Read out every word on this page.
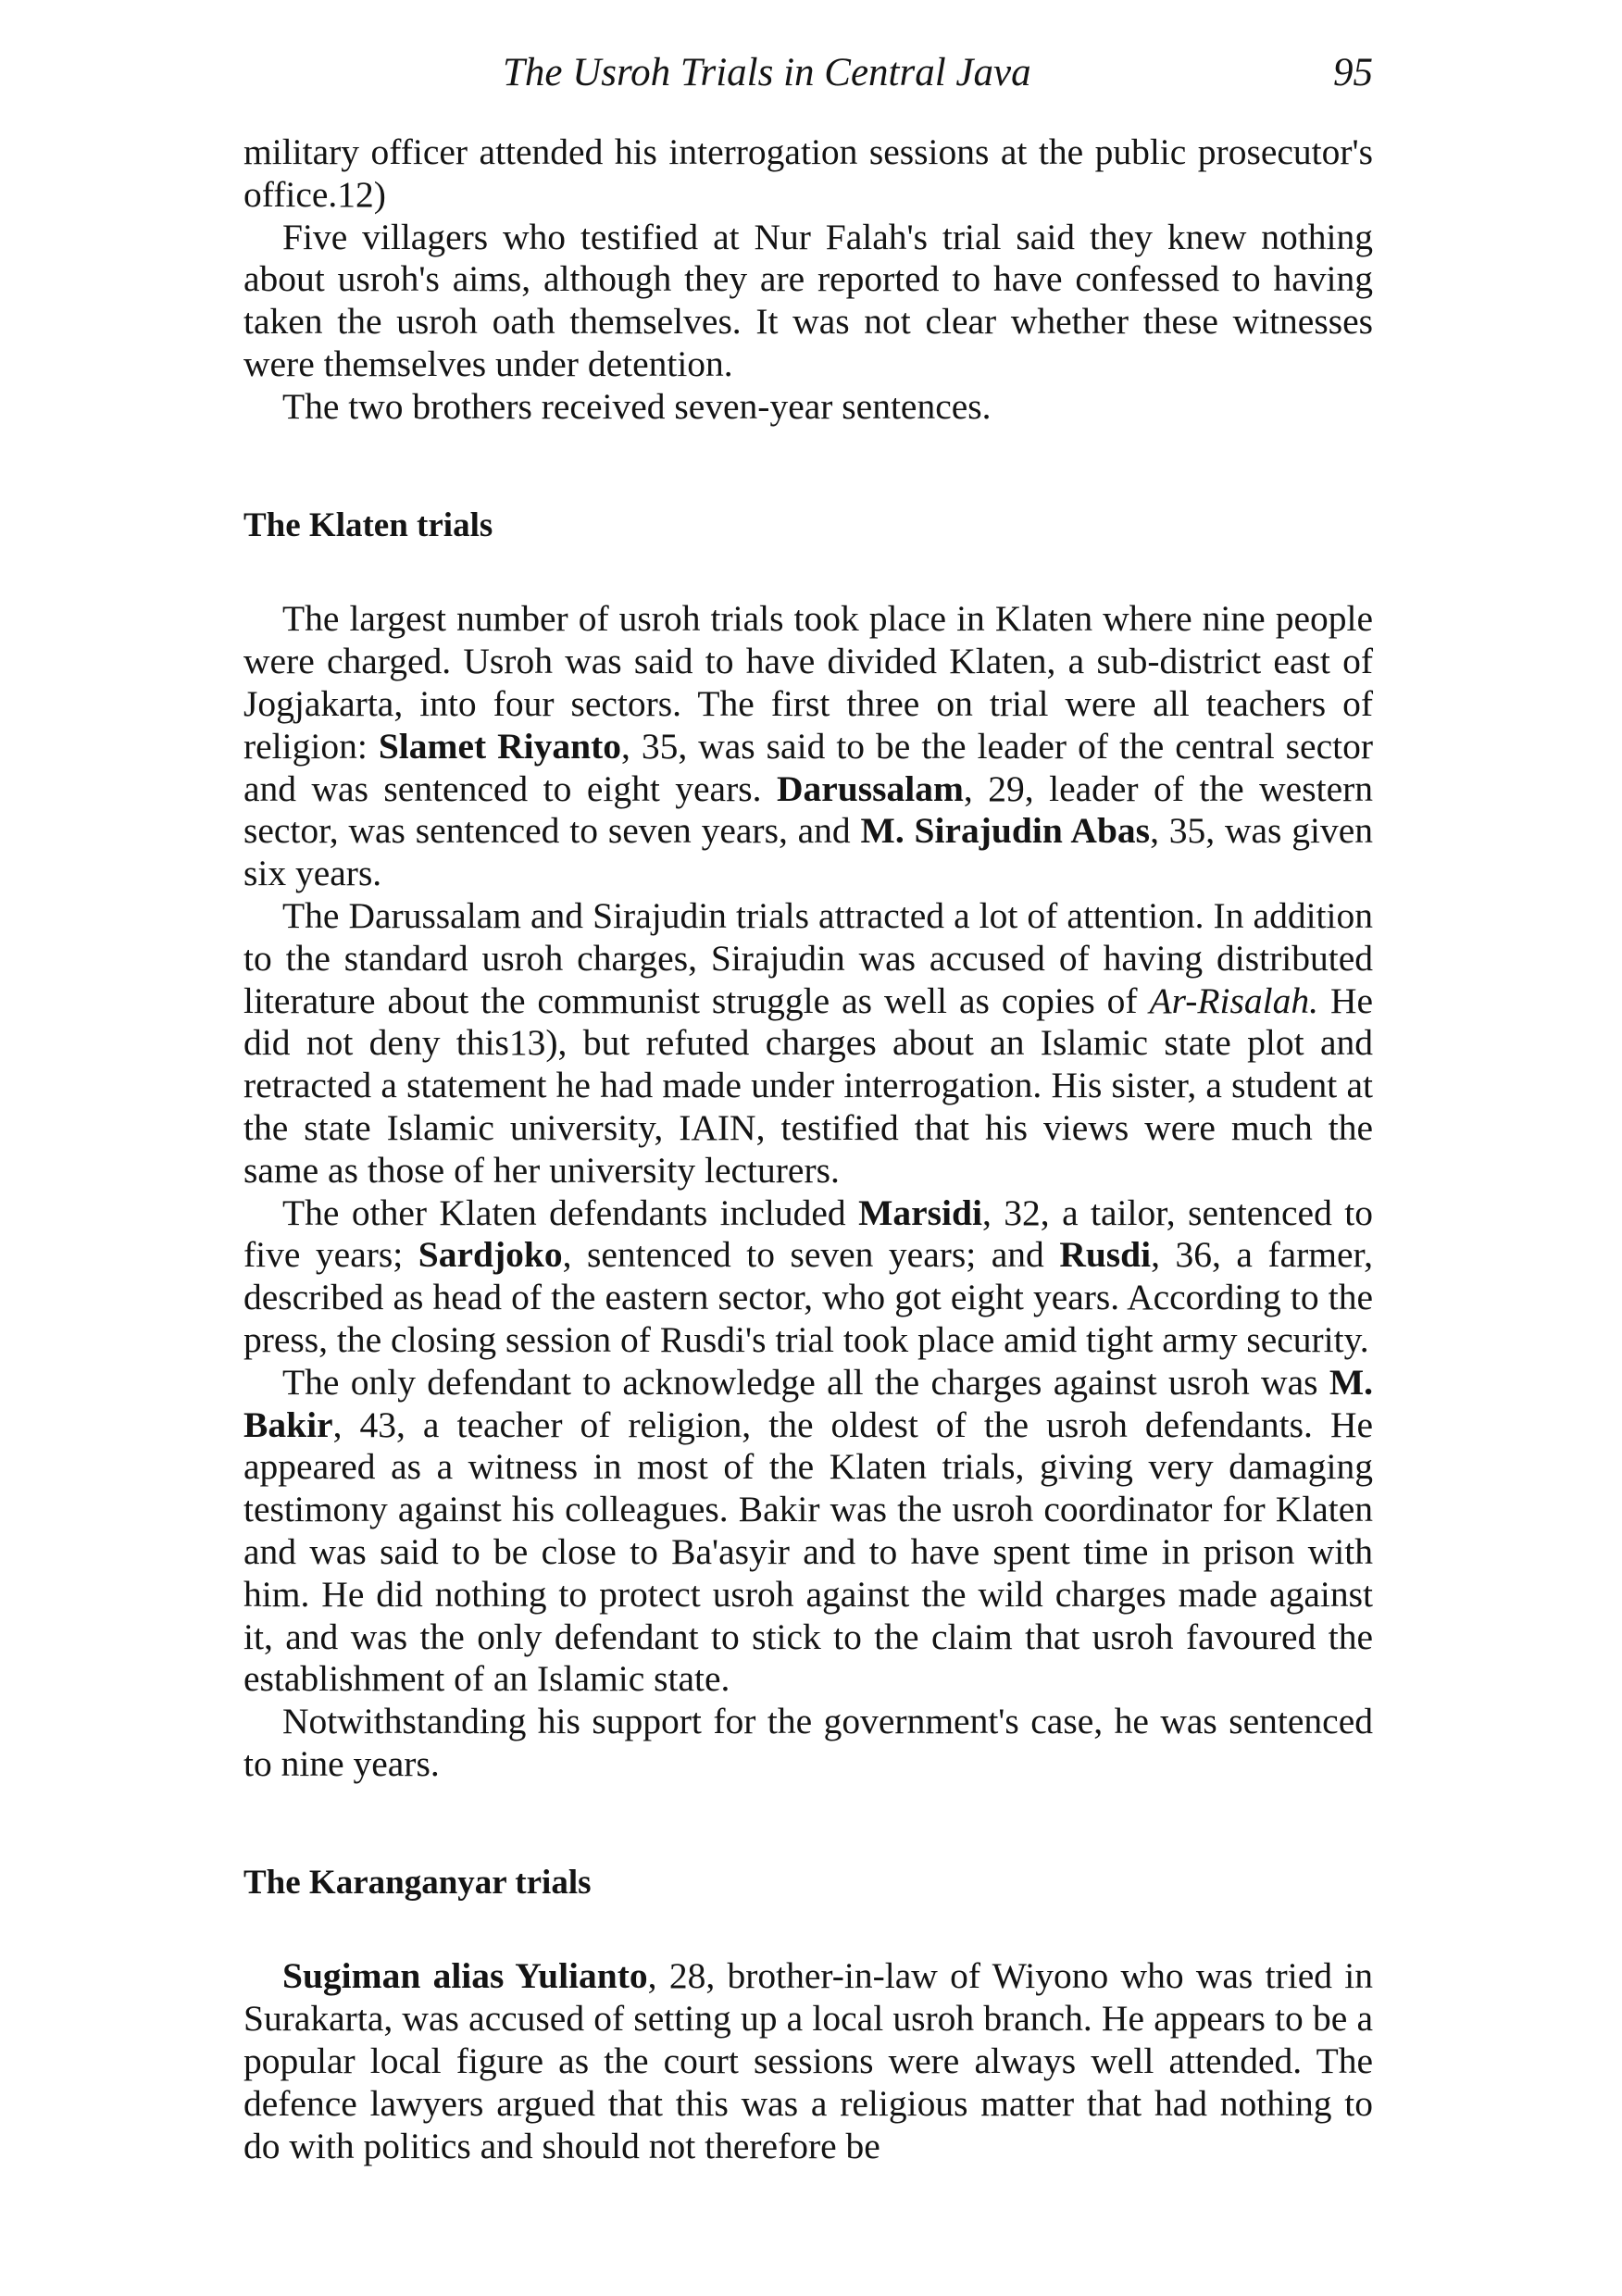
The Usroh Trials in Central Java	95

military officer attended his interrogation sessions at the public prosecutor's office.12)

Five villagers who testified at Nur Falah's trial said they knew nothing about usroh's aims, although they are reported to have confessed to having taken the usroh oath themselves. It was not clear whether these witnesses were themselves under detention.

The two brothers received seven-year sentences.

The Klaten trials

The largest number of usroh trials took place in Klaten where nine people were charged. Usroh was said to have divided Klaten, a sub-district east of Jogjakarta, into four sectors. The first three on trial were all teachers of religion: Slamet Riyanto, 35, was said to be the leader of the central sector and was sentenced to eight years. Darussalam, 29, leader of the western sector, was sentenced to seven years, and M. Sirajudin Abas, 35, was given six years.

The Darussalam and Sirajudin trials attracted a lot of attention. In addition to the standard usroh charges, Sirajudin was accused of having distributed literature about the communist struggle as well as copies of Ar-Risalah. He did not deny this13), but refuted charges about an Islamic state plot and retracted a statement he had made under interrogation. His sister, a student at the state Islamic university, IAIN, testified that his views were much the same as those of her university lecturers.

The other Klaten defendants included Marsidi, 32, a tailor, sentenced to five years; Sardjoko, sentenced to seven years; and Rusdi, 36, a farmer, described as head of the eastern sector, who got eight years. According to the press, the closing session of Rusdi's trial took place amid tight army security.

The only defendant to acknowledge all the charges against usroh was M. Bakir, 43, a teacher of religion, the oldest of the usroh defendants. He appeared as a witness in most of the Klaten trials, giving very damaging testimony against his colleagues. Bakir was the usroh coordinator for Klaten and was said to be close to Ba'asyir and to have spent time in prison with him. He did nothing to protect usroh against the wild charges made against it, and was the only defendant to stick to the claim that usroh favoured the establishment of an Islamic state.

Notwithstanding his support for the government's case, he was sentenced to nine years.

The Karanganyar trials

Sugiman alias Yulianto, 28, brother-in-law of Wiyono who was tried in Surakarta, was accused of setting up a local usroh branch. He appears to be a popular local figure as the court sessions were always well attended. The defence lawyers argued that this was a religious matter that had nothing to do with politics and should not therefore be
